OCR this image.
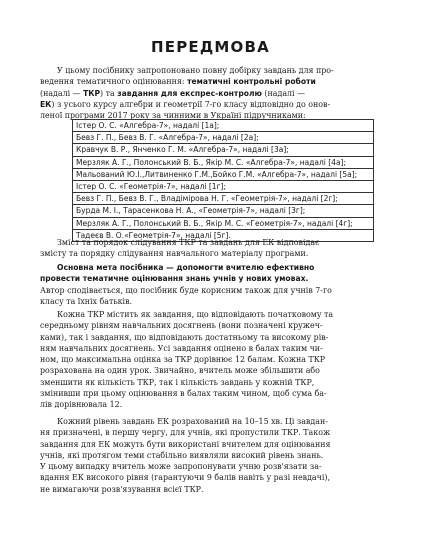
ПЕРЕДМОВА
У цьому посібнику запропоновано повну добірку завдань для про-
ведення тематичного оцінювання: тематичні контрольні роботи
(надалі — ТКР) та завдання для експрес-контролю (надалі —
ЕК) з усього курсу алгебри и геометрії 7-го класу відповідно до онов-
леної програми 2017 року за чинними в Україні підручниками:
Істер О. С. «Алгебра-7», надалі [1а];
Бевз Г. П., Бевз В. Г. «Алгебра-7», надалі [2а];
Кравчук В. Р., Янченко Г. М. «Алгебра-7», надалі [3а];
Мерзляк А. Г., Полонський В. Б., Якір М. С. «Алгебра-7», надалі [4а];
Мальований Ю.І.,Литвиненко Г.М.,Бойко Г.М. «Алгебра-7», надалі [5а];
Істер О. С. «Геометрія-7», надалі [1г];
Бевз Г. П., Бевз В. Г., Владімірова Н. Г. «Геометрія-7», надалі [2г];
Бурда М. І., Тарасенкова Н. А., «Геометрія-7», надалі [3г];
Мерзляк А. Г., Полонський В. Б., Якір М. С. «Геометрія-7», надалі [4г];
Тадеєв В. О.«Геометрія-7», надалі [5г].
Зміст та порядок слідування ТКР та завдань для ЕК відповідає
змісту та порядку слідування навчального матеріалу програми.
Основна мета посібника — допомогти вчителю ефективно
провести тематичне оцінювання знань учнів у нових умовах.
Автор сподівається, що посібник буде корисним також для учнів 7-го
класу та їхніх батьків.
Кожна ТКР містить як завдання, що відповідають початковому та
середньому рівням навчальних досягнень (вони позначені кружеч-
ками), так і завдання, що відповідають достатньому та високому рів-
ням навчальних досягнень. Усі завдання оцінено в балах таким чи-
ном, що максимальна оцінка за ТКР дорівнює 12 балам. Кожна ТКР
розрахована на один урок. Звичайно, вчитель може збільшити або
зменшити як кількість ТКР, так і кількість завдань у кожній ТКР,
змінивши при цьому оцінювання в балах таким чином, щоб сума ба-
лів дорівнювала 12.
Кожний рівень завдань ЕК розрахований на 10–15 хв. Ці завдан-
ня призначені, в першу чергу, для учнів, які пропустили ТКР. Також
завдання для ЕК можуть бути використані вчителем для оцінювання
учнів, які протягом теми стабільно виявляли високий рівень знань.
У цьому випадку вчитель може запропонувати учню розв'язати за-
вдання ЕК високого рівня (гарантуючи 9 балів навіть у разі невдачі),
не вимагаючи розв'язування всієї ТКР.
